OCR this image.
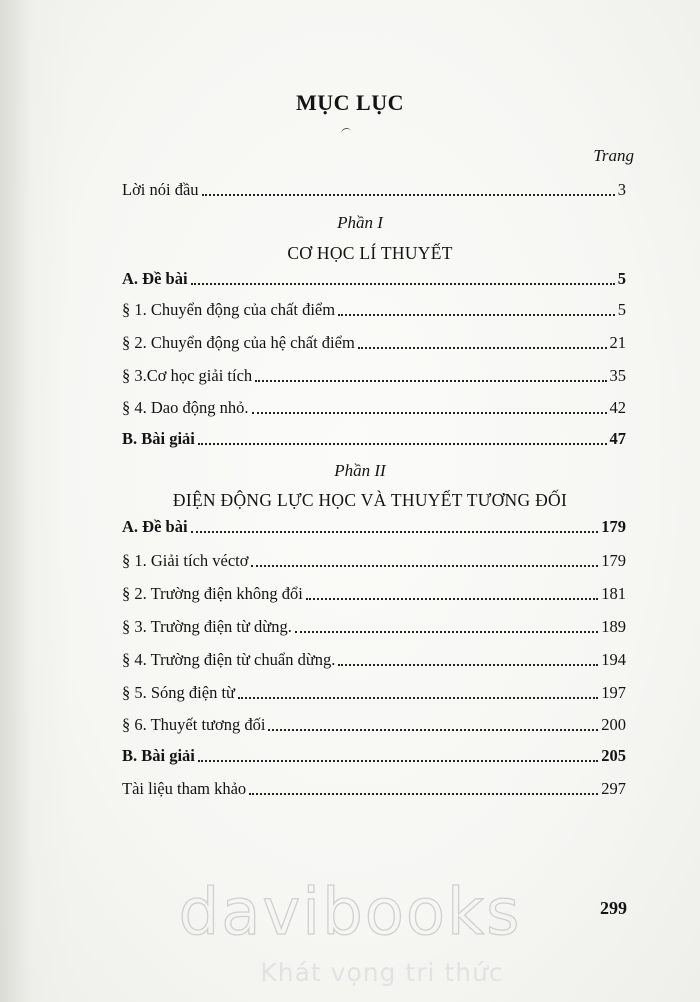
MỤC LỤC
Trang
Lời nói đầu	3
Phần I
CƠ HỌC LÍ THUYẾT
A. Đề bài	5
§ 1. Chuyển động của chất điểm	5
§ 2. Chuyển động của hệ chất điểm	21
§ 3.Cơ học giải tích	35
§ 4. Dao động nhỏ.	42
B. Bài giải	47
Phần II
ĐIỆN ĐỘNG LỰC HỌC VÀ THUYẾT TƯƠNG ĐỐI
A. Đề bài	179
§ 1. Giải tích véctơ	179
§ 2. Trường điện không đổi	181
§ 3. Trường điện từ dừng.	189
§ 4. Trường điện từ chuẩn dừng.	194
§ 5. Sóng điện từ	197
§ 6. Thuyết tương đối	200
B. Bài giải	205
Tài liệu tham khảo	297
299
davibooks
Khát vọng tri thức
